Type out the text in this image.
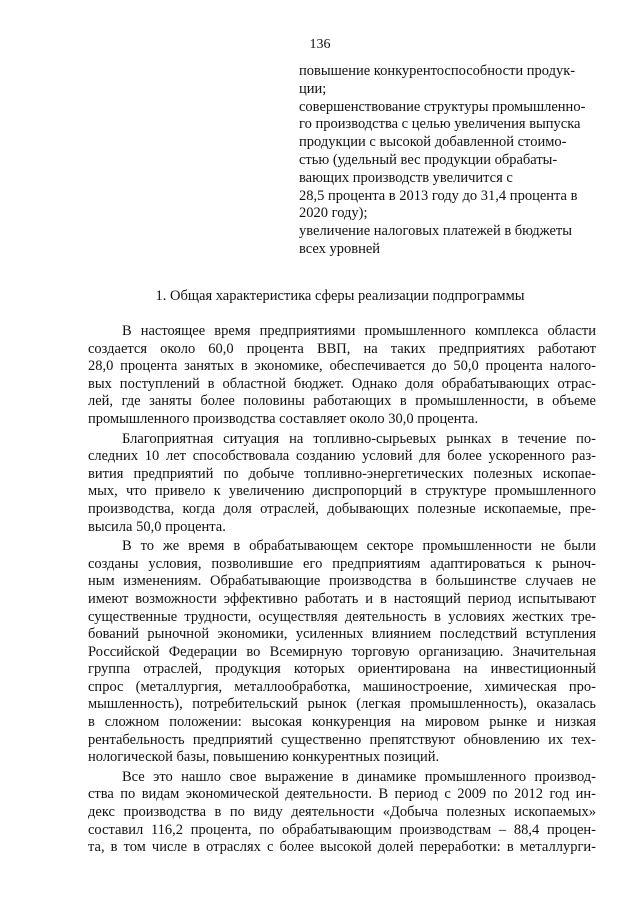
136
повышение конкурентоспособности продук-
ции;
совершенствование структуры промышленно-
го производства с целью увеличения выпуска
продукции с высокой добавленной стоимо-
стью (удельный вес продукции обрабаты-
вающих производств увеличится с
28,5 процента в 2013 году до 31,4 процента в
2020 году);
увеличение налоговых платежей в бюджеты
всех уровней
1. Общая характеристика сферы реализации подпрограммы
В настоящее время предприятиями промышленного комплекса области
создается около 60,0 процента ВВП, на таких предприятиях работают
28,0 процента занятых в экономике, обеспечивается до 50,0 процента налого-
вых поступлений в областной бюджет. Однако доля обрабатывающих отрас-
лей, где заняты более половины работающих в промышленности, в объеме
промышленного производства составляет около 30,0 процента.
Благоприятная ситуация на топливно-сырьевых рынках в течение по-
следних 10 лет способствовала созданию условий для более ускоренного раз-
вития предприятий по добыче топливно-энергетических полезных ископае-
мых, что привело к увеличению диспропорций в структуре промышленного
производства, когда доля отраслей, добывающих полезные ископаемые, пре-
высила 50,0 процента.
В то же время в обрабатывающем секторе промышленности не были
созданы условия, позволившие его предприятиям адаптироваться к рыноч-
ным изменениям. Обрабатывающие производства в большинстве случаев не
имеют возможности эффективно работать и в настоящий период испытывают
существенные трудности, осуществляя деятельность в условиях жестких тре-
бований рыночной экономики, усиленных влиянием последствий вступления
Российской Федерации во Всемирную торговую организацию. Значительная
группа отраслей, продукция которых ориентирована на инвестиционный
спрос (металлургия, металлообработка, машиностроение, химическая про-
мышленность), потребительский рынок (легкая промышленность), оказалась
в сложном положении: высокая конкуренция на мировом рынке и низкая
рентабельность предприятий существенно препятствуют обновлению их тех-
нологической базы, повышению конкурентных позиций.
Все это нашло свое выражение в динамике промышленного производ-
ства по видам экономической деятельности. В период с 2009 по 2012 год ин-
декс производства в по виду деятельности «Добыча полезных ископаемых»
составил 116,2 процента, по обрабатывающим производствам – 88,4 процен-
та, в том числе в отраслях с более высокой долей переработки: в металлурги-
